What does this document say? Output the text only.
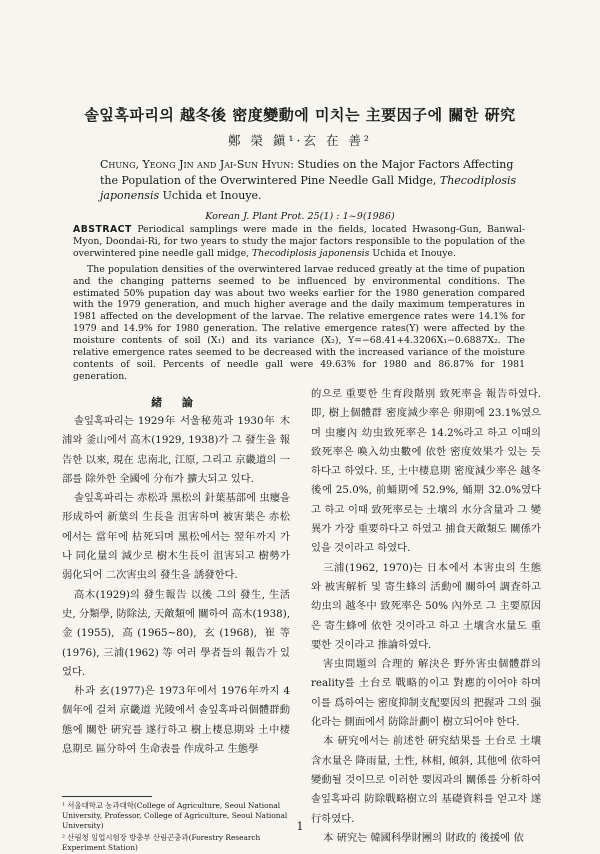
솔잎혹파리의 越冬後 密度變動에 미치는 主要因子에 關한 硏究
鄭 榮 鎭¹·玄 在 善²
Chung, Yeong Jin and Jai-Sun Hyun: Studies on the Major Factors Affecting the Population of the Overwintered Pine Needle Gall Midge, Thecodiplosis japonensis Uchida et Inouye.
Korean J. Plant Prot. 25(1) : 1~9(1986)

ABSTRACT Periodical samplings were made in the fields, located Hwasong-Gun, Banwal-Myon, Doondai-Ri, for two years to study the major factors responsible to the population of the overwintered pine needle gall midge, Thecodiplosis japonensis Uchida et Inouye.

The population densities of the overwintered larvae reduced greatly at the time of pupation and the changing patterns seemed to be influenced by environmental conditions. The estimated 50% pupation day was about two weeks earlier for the 1980 generation compared with the 1979 generation, and much higher average and the daily maximum temperatures in 1981 affected on the development of the larvae. The relative emergence rates were 14.1% for 1979 and 14.9% for 1980 generation. The relative emergence rates(Y) were affected by the moisture contents of soil (X₁) and its variance (X₂), Y=−68.41+4.3206X₁−0.6887X₂. The relative emergence rates seemed to be decreased with the increased variance of the moisture contents of soil. Percents of needle gall were 49.63% for 1980 and 86.87% for 1981 generation.

緒 論

솔잎혹파리는 1929年 서울秘苑과 1930年 木浦와 釜山에서 高木(1929, 1938)가 그 發生을 報告한 以來, 現在 忠南北, 江原, 그리고 京畿道의 一部를 除外한 全國에 分布가 擴大되고 있다.

솔잎혹파리는 赤松과 黑松의 針葉基部에 虫瘿을 形成하여 新葉의 生長을 沮害하며 被害葉은 赤松에서는 當年에 枯死되며 黑松에서는 翌年까지 가나 同化量의 減少로 樹木生長이 沮害되고 樹勢가 弱化되어 二次害虫의 發生을 誘發한다.

高木(1929)의 發生報告 以後 그의 發生, 生活史, 分類學, 防除法, 天敵類에 關하여 高木(1938), 金(1955), 高(1965~80), 玄(1968), 崔等(1976), 三浦(1962) 等 여러 學者들의 報告가 있었다.

朴과 玄(1977)은 1973年에서 1976年까지 4個年에 걸쳐 京畿道 光陵에서 솔잎혹파리個體群動態에 關한 硏究를 遂行하고 樹上棲息期와 土中棲息期로 區分하여 生命表를 作成하고 生態學

¹ 서울대학교 농과대학(College of Agriculture, Seoul National University, Professor, College of Agriculture, Seoul National University)

² 산림청 임업시험장 방충부 산림곤충과(Forestry Research Experiment Station)

的으로 重要한 生育段階別 致死率을 報告하였다. 即, 樹上個體群 密度減少率은 卵期에 23.1%였으며 虫瘿內 幼虫致死率은 14.2%라고 하고 이때의 致死率은 喚入幼虫數에 依한 密度效果가 있는 듯 하다고 하였다. 또, 土中棲息期 密度減少率은 越冬後에 25.0%, 前蛹期에 52.9%, 蛹期 32.0%였다고 하고 이때 致死率로는 土壤의 水分含量과 그 變異가 가장 重要하다고 하였고 捕食天敵類도 關係가 있을 것이라고 하였다.

三浦(1962, 1970)는 日本에서 本害虫의 生態와 被害解析 및 寄生蜂의 活動에 關하여 調査하고 幼虫의 越冬中 致死率은 50% 內外로 그 主要原因은 寄生蜂에 依한 것이라고 하고 土壤含水量도 重要한 것이라고 推論하였다.

害虫問題의 合理的 解決은 野外害虫個體群의 reality를 土台로 戰略的이고 對應的이어야 하며 이를 爲하여는 密度抑制支配要因의 把握과 그의 强化라는 側面에서 防除計劃이 樹立되어야 한다.

本 硏究에서는 前述한 硏究結果를 土台로 土壤含水量은 降雨量, 土性, 林相, 傾斜, 其他에 依하여 變動될 것이므로 이러한 要因과의 關係를 分析하여 솔잎혹파리 防除戰略樹立의 基礎資料를 얻고자 遂行하였다.

本 硏究는 韓國科學財團의 財政的 後援에 依

1
